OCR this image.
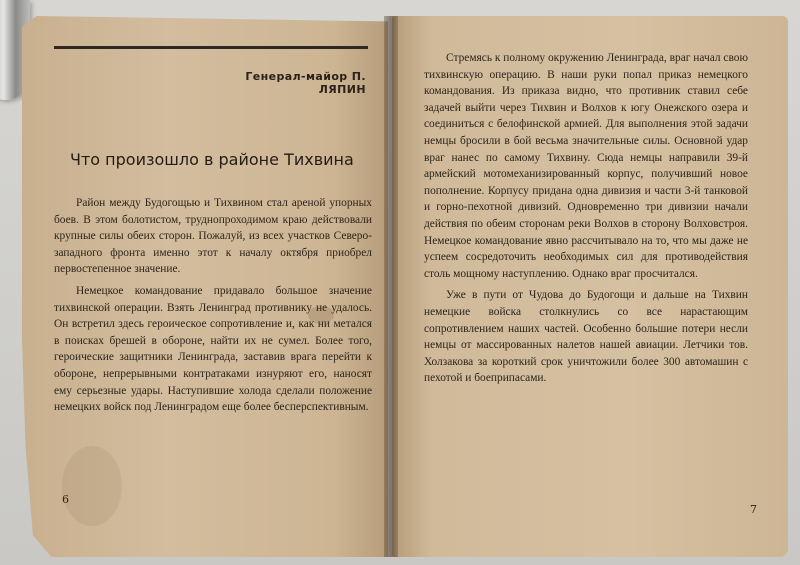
Генерал-майор П. ЛЯПИН
Что произошло в районе Тихвина

Район между Будогощью и Тихвином стал ареной упорных боев. В этом болотистом, труднопроходимом краю действовали крупные силы обеих сторон. Пожалуй, из всех участков Северо-западного фронта именно этот к началу октября приобрел первостепенное значение.

Немецкое командование придавало большое значение тихвинской операции. Взять Ленинград противнику не удалось. Он встретил здесь героическое сопротивление и, как ни метался в поисках брешей в обороне, найти их не сумел. Более того, героические защитники Ленинграда, заставив врага перейти к обороне, непрерывными контратаками изнуряют его, наносят ему серьезные удары. Наступившие холода сделали положение немецких войск под Ленинградом еще более бесперспективным.

6

Стремясь к полному окружению Ленинграда, враг начал свою тихвинскую операцию. В наши руки попал приказ немецкого командования. Из приказа видно, что противник ставил себе задачей выйти через Тихвин и Волхов к югу Онежского озера и соединиться с белофинской армией. Для выполнения этой задачи немцы бросили в бой весьма значительные силы. Основной удар враг нанес по самому Тихвину. Сюда немцы направили 39-й армейский мотомеханизированный корпус, получивший новое пополнение. Корпусу придана одна дивизия и части 3-й танковой и горно-пехотной дивизий. Одновременно три дивизии начали действия по обеим сторонам реки Волхов в сторону Волховстроя. Немецкое командование явно рассчитывало на то, что мы даже не успеем сосредоточить необходимых сил для противодействия столь мощному наступлению. Однако враг просчитался.

Уже в пути от Чудова до Будогощи и дальше на Тихвин немецкие войска столкнулись со все нарастающим сопротивлением наших частей. Особенно большие потери несли немцы от массированных налетов нашей авиации. Летчики тов. Холзакова за короткий срок уничтожили более 300 автомашин с пехотой и боеприпасами.

7
